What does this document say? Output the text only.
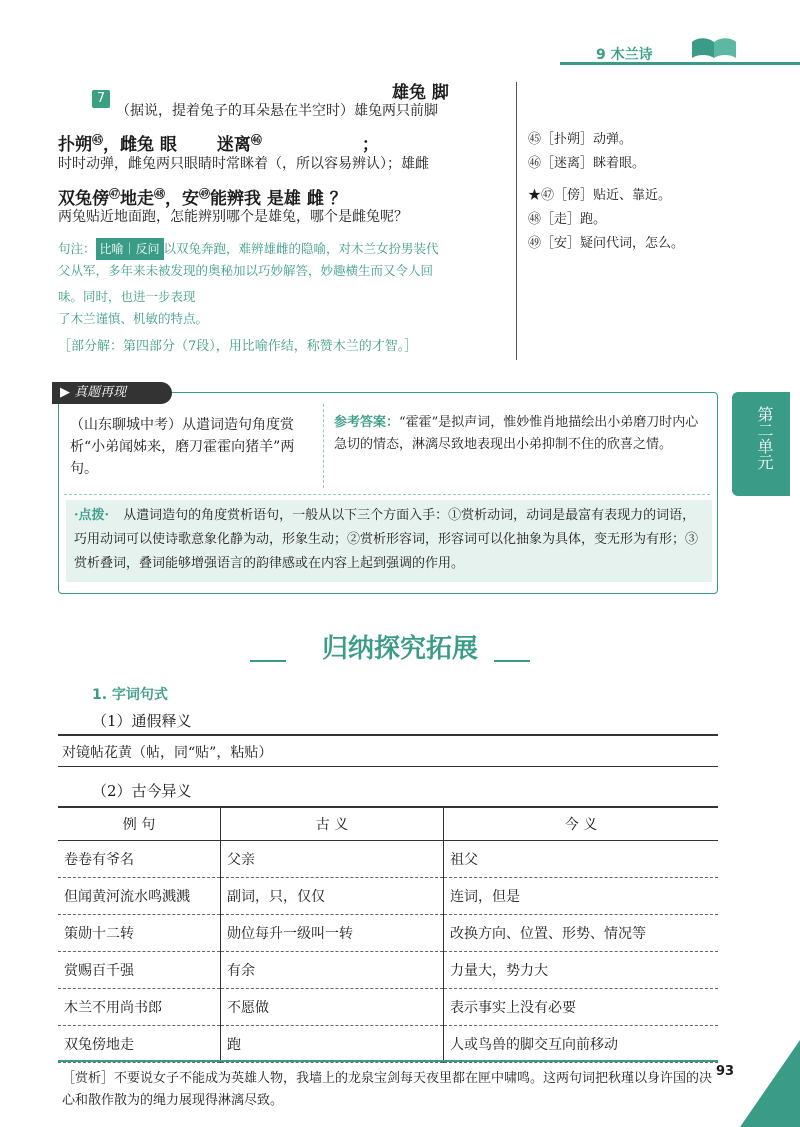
9 木兰诗
雄兔 脚
7
（据说，提着兔子的耳朵悬在半空时）雄兔两只前脚
扑朔$^㊺$，雌兔 眼 迷离$^㊻$	；
时时动弹，雌兔两只眼睛时常眯着（，所以容易辨认）；雄雌
双兔傍$^㊼$地走$^㊽$，安$^㊾$能辨我 是雄 雌 ？
两兔贴近地面跑，怎能辨别哪个是雄兔，哪个是雌兔呢？
句注： 比喻｜反问 以双兔奔跑，难辨雄雌的隐喻，对木兰女扮男装代
父从军，多年来未被发现的奥秘加以巧妙解答，妙趣横生而又令人回
味。同时，也进一步表现
了木兰谨慎、机敏的特点。
［部分解：第四部分（7段），用比喻作结，称赞木兰的才智。］
㊺［扑朔］动弹。
㊻［迷离］眯着眼。
★㊼［傍］贴近、靠近。
㊽［走］跑。
㊾［安］疑问代词，怎么。
▶ 真题再现
（山东聊城中考）从遣词造句角度赏析“小弟闻姊来，磨刀霍霍向猪羊”两句。
参考答案：“霍霍”是拟声词，惟妙惟肖地描绘出小弟磨刀时内心急切的情态，淋漓尽致地表现出小弟抑制不住的欣喜之情。
·点拨· 从遣词造句的角度赏析语句，一般从以下三个方面入手：①赏析动词，动词是最富有表现力的词语，巧用动词可以使诗歌意象化静为动，形象生动；②赏析形容词，形容词可以化抽象为具体，变无形为有形；③赏析叠词，叠词能够增强语言的韵律感或在内容上起到强调的作用。
第二单元
归纳探究拓展
1. 字词句式
（1）通假释义
对镜帖花黄（帖，同“贴”，粘贴）
（2）古今异义
例 句	古 义	今 义
卷卷有爷名	父亲	祖父
但闻黄河流水鸣溅溅	副词，只，仅仅	连词，但是
策勋十二转	勋位每升一级叫一转	改换方向、位置、形势、情况等
赏赐百千强	有余	力量大，势力大
木兰不用尚书郎	不愿做	表示事实上没有必要
双兔傍地走	跑	人或鸟兽的脚交互向前移动
［赏析］不要说女子不能成为英雄人物，我墙上的龙泉宝剑每天夜里都在匣中啸鸣。这两句词把秋瑾以身许国的决心和散作散为的绳力展现得淋漓尽致。
93
